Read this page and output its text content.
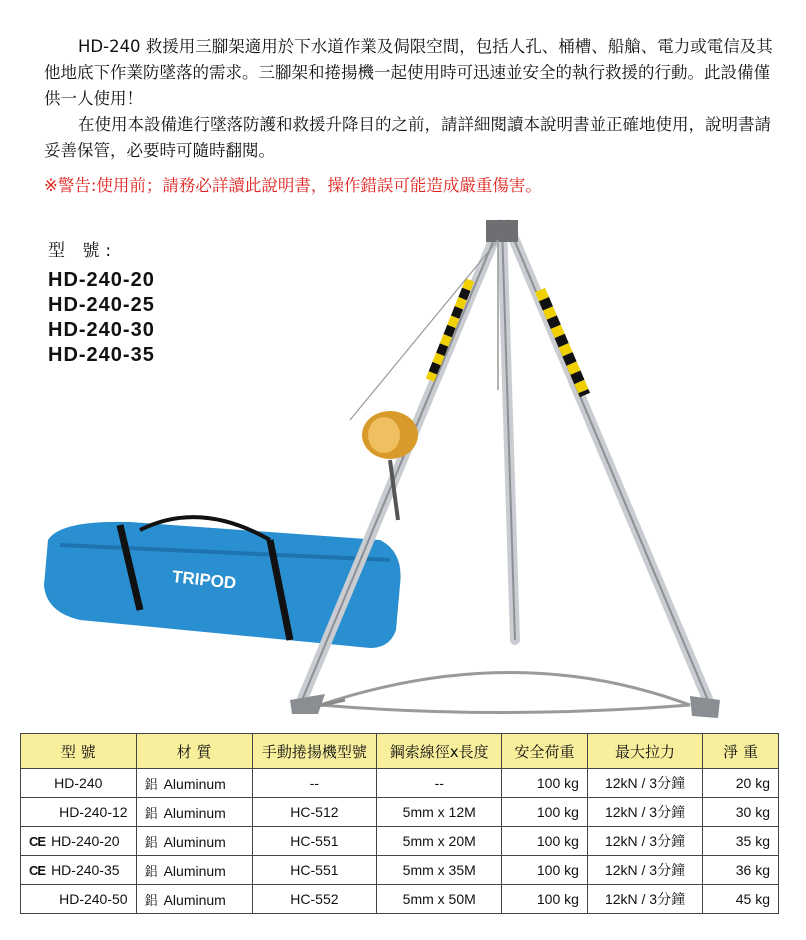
HD-240 救援用三腳架適用於下水道作業及侷限空間，包括人孔、桶槽、船艙、電力或電信及其他地底下作業防墜落的需求。三腳架和捲揚機一起使用時可迅速並安全的執行救援的行動。此設備僅供一人使用！

在使用本設備進行墜落防護和救援升降目的之前，請詳細閱讀本說明書並正確地使用，說明書請妥善保管，必要時可隨時翻閱。

※警告:使用前；請務必詳讀此說明書，操作錯誤可能造成嚴重傷害。
TRIPOD
型 號:
HD-240-20
HD-240-25
HD-240-30
HD-240-35
型 號	材 質	手動捲揚機型號	鋼索線徑x長度	安全荷重	最大拉力	淨 重
HD-240	鋁 Aluminum	--	--	100 kg	12kN / 3分鐘	20 kg
HD-240-12	鋁 Aluminum	HC-512	5mm x 12M	100 kg	12kN / 3分鐘	30 kg
CE HD-240-20	鋁 Aluminum	HC-551	5mm x 20M	100 kg	12kN / 3分鐘	35 kg
CE HD-240-35	鋁 Aluminum	HC-551	5mm x 35M	100 kg	12kN / 3分鐘	36 kg
HD-240-50	鋁 Aluminum	HC-552	5mm x 50M	100 kg	12kN / 3分鐘	45 kg
